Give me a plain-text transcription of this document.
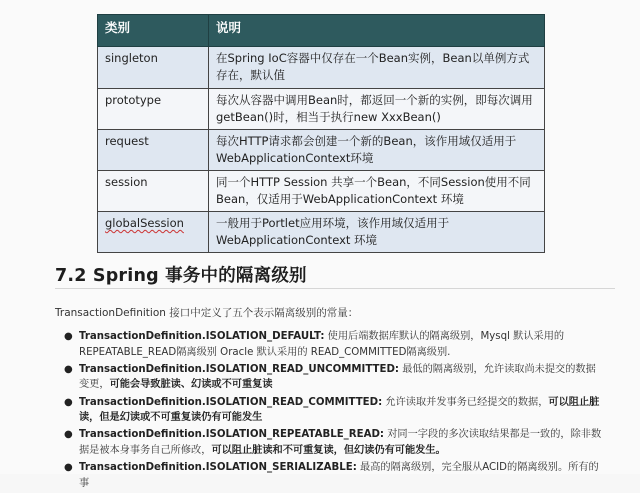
类别	说明
singleton	在Spring IoC容器中仅存在一个Bean实例，Bean以单例方式存在，默认值
prototype	每次从容器中调用Bean时，都返回一个新的实例，即每次调用getBean()时，相当于执行new XxxBean()
request	每次HTTP请求都会创建一个新的Bean，该作用域仅适用于WebApplicationContext环境
session	同一个HTTP Session 共享一个Bean，不同Session使用不同Bean，仅适用于WebApplicationContext 环境
globalSession	一般用于Portlet应用环境，该作用域仅适用于WebApplicationContext 环境
7.2 Spring 事务中的隔离级别
TransactionDefinition 接口中定义了五个表示隔离级别的常量：
● TransactionDefinition.ISOLATION_DEFAULT: 使用后端数据库默认的隔离级别，Mysql 默认采用的 REPEATABLE_READ隔离级别 Oracle 默认采用的 READ_COMMITTED隔离级别.
● TransactionDefinition.ISOLATION_READ_UNCOMMITTED: 最低的隔离级别，允许读取尚未提交的数据变更，可能会导致脏读、幻读或不可重复读
● TransactionDefinition.ISOLATION_READ_COMMITTED: 允许读取并发事务已经提交的数据，可以阻止脏读，但是幻读或不可重复读仍有可能发生
● TransactionDefinition.ISOLATION_REPEATABLE_READ: 对同一字段的多次读取结果都是一致的，除非数据是被本身事务自己所修改，可以阻止脏读和不可重复读，但幻读仍有可能发生。
● TransactionDefinition.ISOLATION_SERIALIZABLE: 最高的隔离级别，完全服从ACID的隔离级别。所有的事
